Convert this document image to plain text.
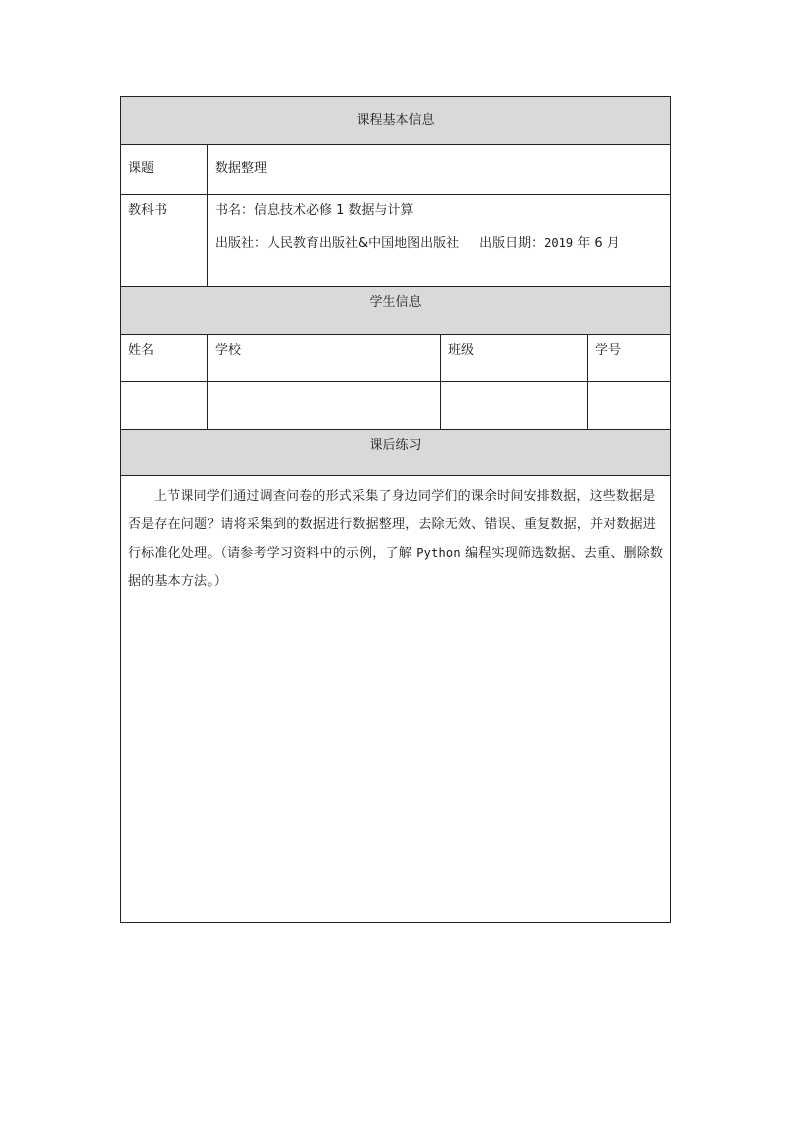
课程基本信息			

课题	数据整理		

教科书	书名：信息技术必修 1 数据与计算
出版社：人民教育出版社&中国地图出版社 出版日期：2019 年 6 月		

学生信息			

姓名	学校	班级	学号

课后练习			

上节课同学们通过调查问卷的形式采集了身边同学们的课余时间安排数据，这些数据是否是存在问题？请将采集到的数据进行数据整理，去除无效、错误、重复数据，并对数据进行标准化处理。（请参考学习资料中的示例，了解 Python 编程实现筛选数据、去重、删除数据的基本方法。）			
